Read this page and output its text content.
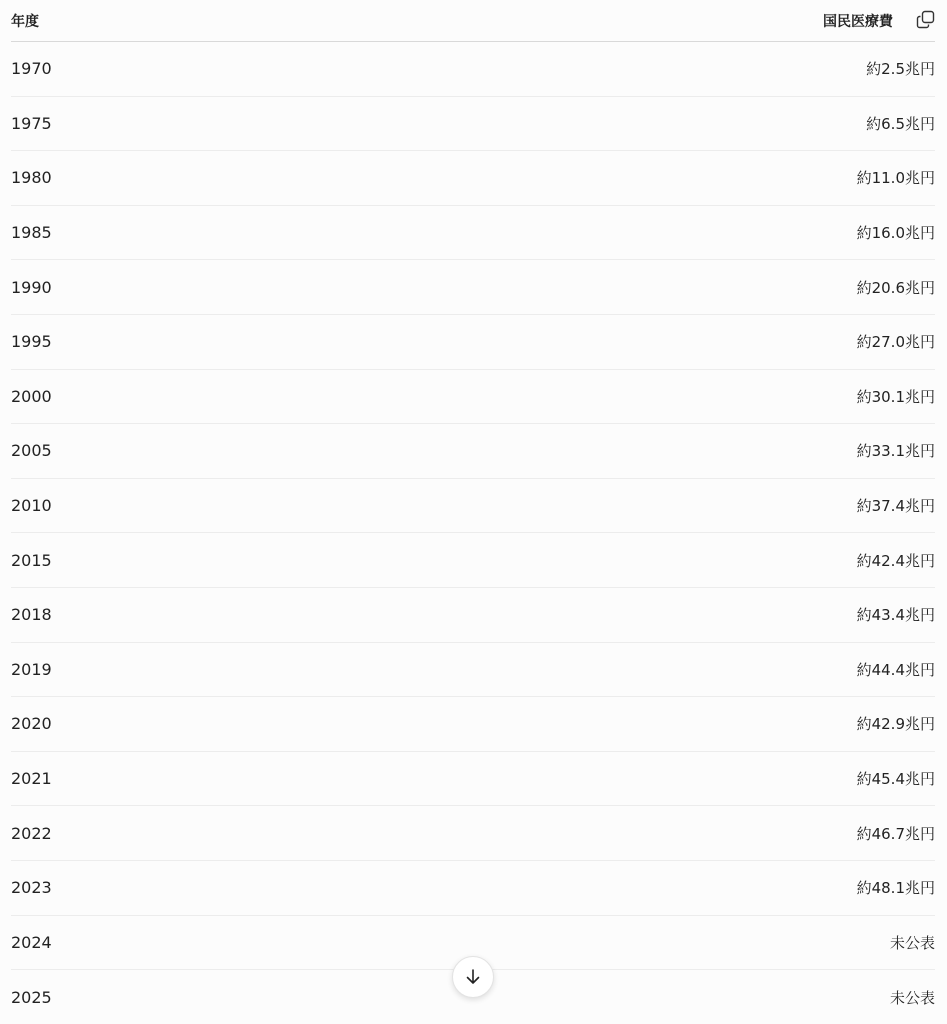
年度	国民医療費
1970	約2.5兆円
1975	約6.5兆円
1980	約11.0兆円
1985	約16.0兆円
1990	約20.6兆円
1995	約27.0兆円
2000	約30.1兆円
2005	約33.1兆円
2010	約37.4兆円
2015	約42.4兆円
2018	約43.4兆円
2019	約44.4兆円
2020	約42.9兆円
2021	約45.4兆円
2022	約46.7兆円
2023	約48.1兆円
2024	未公表
2025	未公表
